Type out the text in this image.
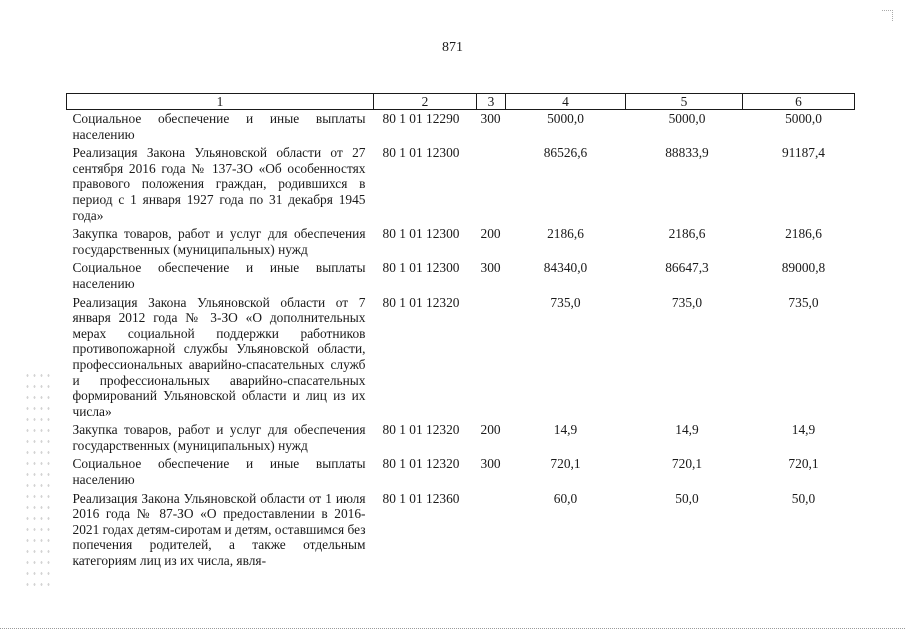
871
1	2	3	4	5	6
Социальное обеспечение и иные выплаты населению	80 1 01 12290	300	5000,0	5000,0	5000,0
Реализация Закона Ульяновской области от 27 сентября 2016 года № 137-ЗО «Об особенностях правового положения граждан, родившихся в период с 1 января 1927 года по 31 декабря 1945 года»	80 1 01 12300		86526,6	88833,9	91187,4
Закупка товаров, работ и услуг для обеспечения государственных (муниципальных) нужд	80 1 01 12300	200	2186,6	2186,6	2186,6
Социальное обеспечение и иные выплаты населению	80 1 01 12300	300	84340,0	86647,3	89000,8
Реализация Закона Ульяновской области от 7 января 2012 года № 3-ЗО «О дополнительных мерах социальной поддержки работников противопожарной службы Ульяновской области, профессиональных аварийно-спасательных служб и профессиональных аварийно-спасательных формирований Ульяновской области и лиц из их числа»	80 1 01 12320		735,0	735,0	735,0
Закупка товаров, работ и услуг для обеспечения государственных (муниципальных) нужд	80 1 01 12320	200	14,9	14,9	14,9
Социальное обеспечение и иные выплаты населению	80 1 01 12320	300	720,1	720,1	720,1
Реализация Закона Ульяновской области от 1 июля 2016 года № 87-ЗО «О предоставлении в 2016-2021 годах детям-сиротам и детям, оставшимся без попечения родителей, а также отдельным категориям лиц из их числа, явля-	80 1 01 12360		60,0	50,0	50,0
